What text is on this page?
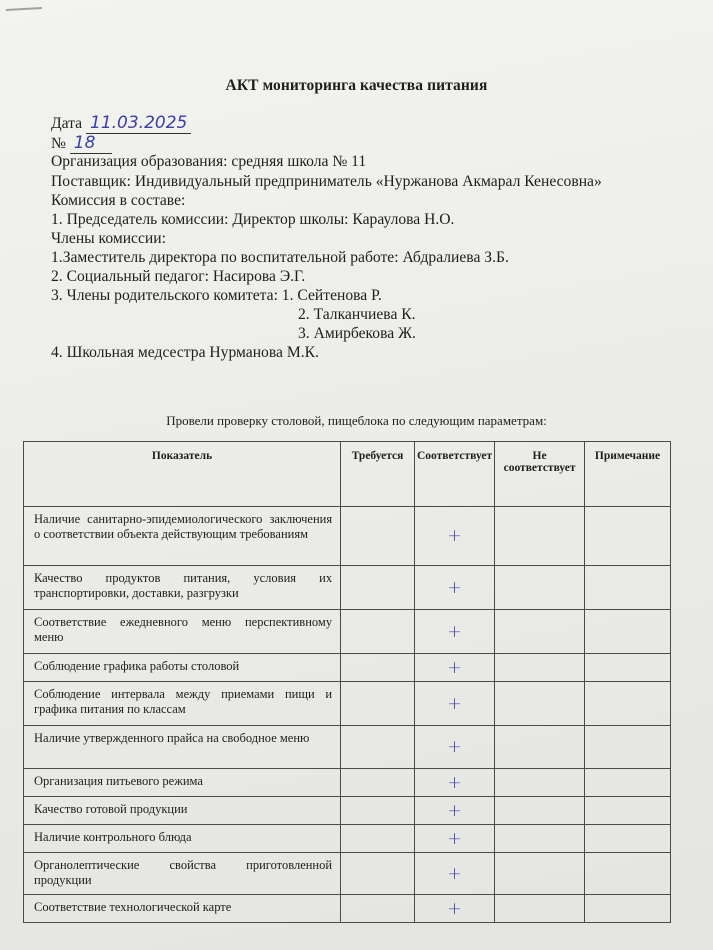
АКТ мониторинга качества питания
Дата 11.03.2025
№ 18
Организация образования: средняя школа № 11
Поставщик: Индивидуальный предприниматель «Нуржанова Акмарал Кенесовна»
Комиссия в составе:
1. Председатель комиссии: Директор школы: Караулова Н.О.
Члены комиссии:
1.Заместитель директора по воспитательной работе: Абдралиева З.Б.
2. Социальный педагог: Насирова Э.Г.
3. Члены родительского комитета: 1. Сейтенова Р.
2. Талканчиева К.
3. Амирбекова Ж.
4. Школьная медсестра Нурманова М.К.
Провели проверку столовой, пищеблока по следующим параметрам:
Показатель	Требуется	Соответствует	Не соответствует	Примечание
Наличие санитарно-эпидемиологического заключения о соответствии объекта действующим требованиям		+		
Качество продуктов питания, условия их транспортировки, доставки, разгрузки		+		
Соответствие ежедневного меню перспективному меню		+		
Соблюдение графика работы столовой		+		
Соблюдение интервала между приемами пищи и графика питания по классам		+		
Наличие утвержденного прайса на свободное меню		+		
Организация питьевого режима		+		
Качество готовой продукции		+		
Наличие контрольного блюда		+		
Органолептические свойства приготовленной продукции		+		
Соответствие технологической карте		+		
